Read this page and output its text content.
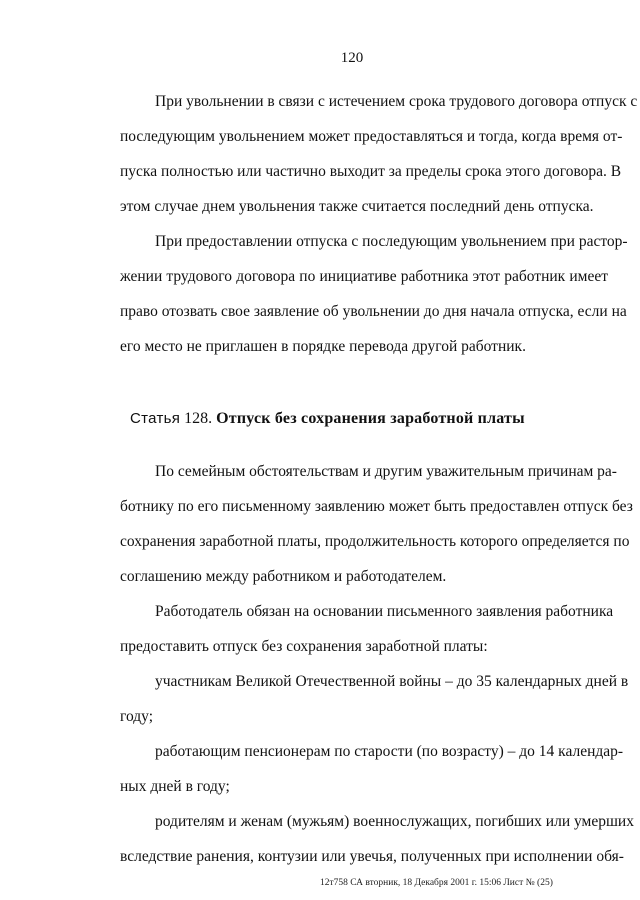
120
При увольнении в связи с истечением срока трудового договора отпуск с
последующим увольнением может предоставляться и тогда, когда время от-
пуска полностью или частично выходит за пределы срока этого договора. В
этом случае днем увольнения также считается последний день отпуска.
При предоставлении отпуска с последующим увольнением при растор-
жении трудового договора по инициативе работника этот работник имеет
право отозвать свое заявление об увольнении до дня начала отпуска, если на
его место не приглашен в порядке перевода другой работник.
Статья 128. Отпуск без сохранения заработной платы
По семейным обстоятельствам и другим уважительным причинам ра-
ботнику по его письменному заявлению может быть предоставлен отпуск без
сохранения заработной платы, продолжительность которого определяется по
соглашению между работником и работодателем.
Работодатель обязан на основании письменного заявления работника
предоставить отпуск без сохранения заработной платы:
участникам Великой Отечественной войны – до 35 календарных дней в
году;
работающим пенсионерам по старости (по возрасту) – до 14 календар-
ных дней в году;
родителям и женам (мужьям) военнослужащих, погибших или умерших
вследствие ранения, контузии или увечья, полученных при исполнении обя-
12т758 СА вторник, 18 Декабря 2001 г. 15:06 Лист № (25)
